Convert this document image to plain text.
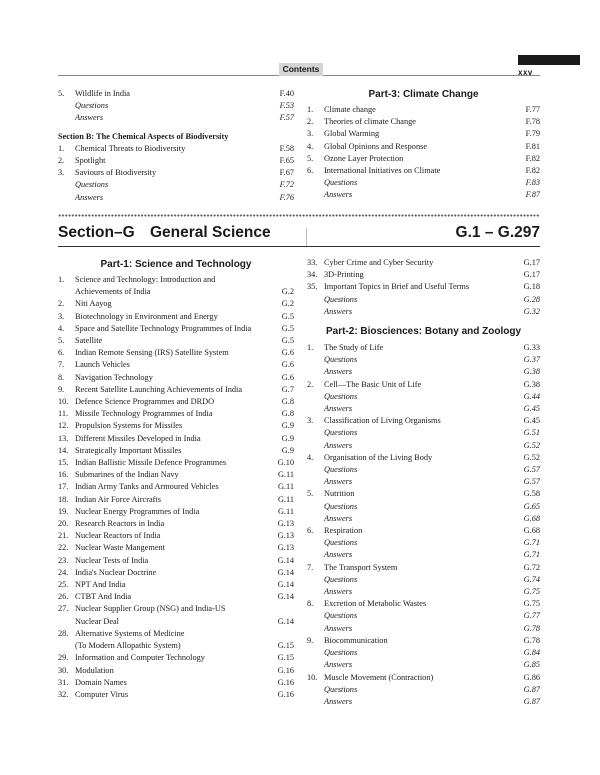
Contents	xxv
5.	Wildlife in India	F.40
Questions	F.53
Answers	F.57
Section B: The Chemical Aspects of Biodiversity
1.	Chemical Threats to Biodiversity	F.58
2.	Spotlight	F.65
3.	Saviours of Biodiversity	F.67
Questions	F.72
Answers	F.76
Part-3: Climate Change
1.	Climate change	F.77
2.	Theories of climate Change	F.78
3.	Global Warming	F.79
4.	Global Opinions and Response	F.81
5.	Ozone Layer Protection	F.82
6.	International Initiatives on Climate	F.82
Questions	F.83
Answers	F.87
Section–G General Science	G.1 – G.297
Part-1: Science and Technology
1.	Science and Technology: Introduction and
Achievements of India	G.2
2.	Niti Aayog	G.2
3.	Biotechnology in Environment and Energy	G.5
4.	Space and Satellite Technology Programmes of India	G.5
5.	Satellite	G.5
6.	Indian Remote Sensing (IRS) Satellite System	G.6
7.	Launch Vehicles	G.6
8.	Navigation Technology	G.6
9.	Recent Satellite Launching Achievements of India	G.7
10. Defence Science Programmes and DRDO	G.8
11. Missile Technology Programmes of India	G.8
12. Propulsion Systems for Missiles	G.9
13. Different Missiles Developed in India	G.9
14. Strategically Important Missiles	G.9
15. Indian Ballistic Missile Defence Programmes	G.10
16. Submarines of the Indian Navy	G.11
17. Indian Army Tanks and Armoured Vehicles	G.11
18. Indian Air Force Aircrafts	G.11
19. Nuclear Energy Programmes of India	G.11
20. Research Reactors in India	G.13
21. Nuclear Reactors of India	G.13
22. Nuclear Waste Mangement	G.13
23. Nuclear Tests of India	G.14
24. India's Nuclear Doctrine	G.14
25. NPT And India	G.14
26. CTBT And India	G.14
27. Nuclear Supplier Group (NSG) and India-US
Nuclear Deal	G.14
28. Alternative Systems of Medicine
(To Modern Allopathic System)	G.15
29. Information and Computer Technology	G.15
30. Modulation	G.16
31. Domain Names	G.16
32. Computer Virus	G.16
33. Cyber Crime and Cyber Security	G.17
34. 3D-Printing	G.17
35. Important Topics in Brief and Useful Terms	G.18
Questions	G.28
Answers	G.32
Part-2: Biosciences: Botany and Zoology
1.	The Study of Life	G.33
Questions	G.37
Answers	G.38
2.	Cell—The Basic Unit of Life	G.38
Questions	G.44
Answers	G.45
3.	Classification of Living Organisms	G.45
Questions	G.51
Answers	G.52
4.	Organisation of the Living Body	G.52
Questions	G.57
Answers	G.57
5.	Nutrition	G.58
Questions	G.65
Answers	G.68
6.	Respiration	G.68
Questions	G.71
Answers	G.71
7.	The Transport System	G.72
Questions	G.74
Answers	G.75
8.	Excretion of Metabolic Wastes	G.75
Questions	G.77
Answers	G.78
9.	Biocommunication	G.78
Questions	G.84
Answers	G.85
10. Muscle Movement (Contraction)	G.86
Questions	G.87
Answers	G.87
